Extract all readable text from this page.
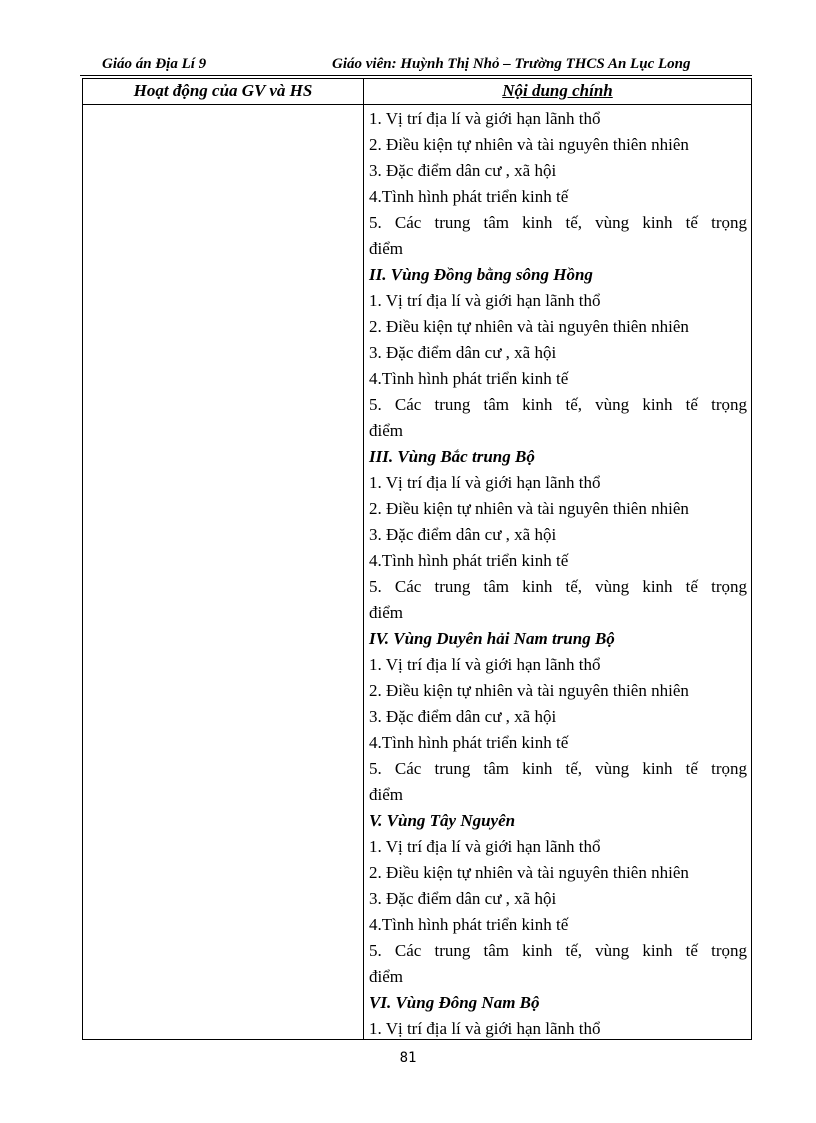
Giáo án Địa Lí 9	Giáo viên: Huỳnh Thị Nhỏ – Trường THCS An Lục Long
Hoạt động của GV và HS	Nội dung chính
1. Vị trí địa lí và giới hạn lãnh thổ
2. Điều kiện tự nhiên và tài nguyên thiên nhiên
3. Đặc điểm dân cư , xã hội
4.Tình hình phát triển kinh tế
5. Các trung tâm kinh tế, vùng kinh tế trọng
điểm
II. Vùng Đồng bằng sông Hồng
1. Vị trí địa lí và giới hạn lãnh thổ
2. Điều kiện tự nhiên và tài nguyên thiên nhiên
3. Đặc điểm dân cư , xã hội
4.Tình hình phát triển kinh tế
5. Các trung tâm kinh tế, vùng kinh tế trọng
điểm
III. Vùng Bắc trung Bộ
1. Vị trí địa lí và giới hạn lãnh thổ
2. Điều kiện tự nhiên và tài nguyên thiên nhiên
3. Đặc điểm dân cư , xã hội
4.Tình hình phát triển kinh tế
5. Các trung tâm kinh tế, vùng kinh tế trọng
điểm
IV. Vùng Duyên hải Nam trung Bộ
1. Vị trí địa lí và giới hạn lãnh thổ
2. Điều kiện tự nhiên và tài nguyên thiên nhiên
3. Đặc điểm dân cư , xã hội
4.Tình hình phát triển kinh tế
5. Các trung tâm kinh tế, vùng kinh tế trọng
điểm
V. Vùng Tây Nguyên
1. Vị trí địa lí và giới hạn lãnh thổ
2. Điều kiện tự nhiên và tài nguyên thiên nhiên
3. Đặc điểm dân cư , xã hội
4.Tình hình phát triển kinh tế
5. Các trung tâm kinh tế, vùng kinh tế trọng
điểm
VI. Vùng Đông Nam Bộ
1. Vị trí địa lí và giới hạn lãnh thổ
81
